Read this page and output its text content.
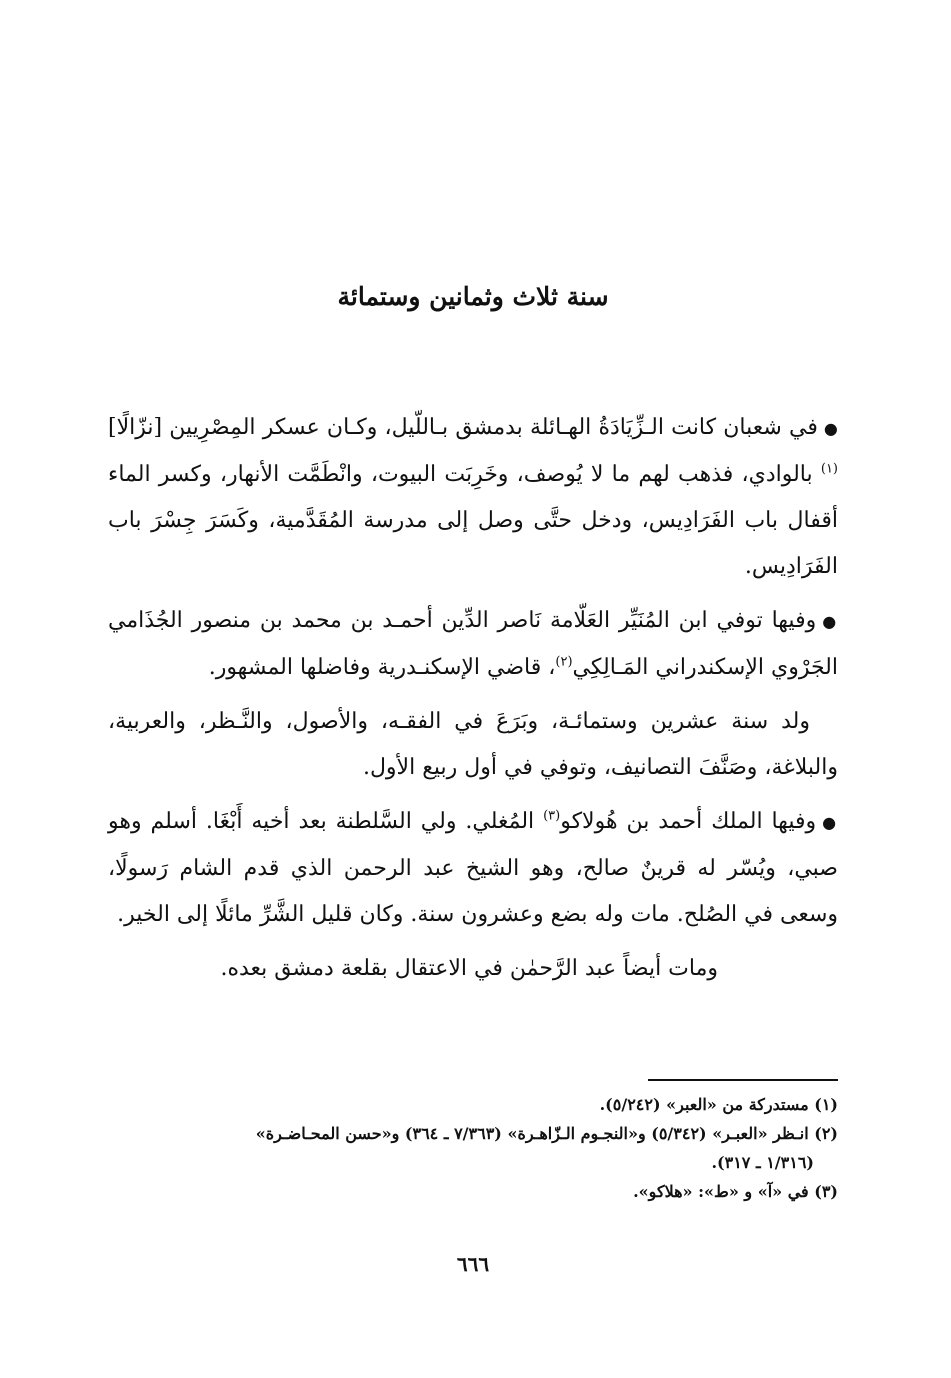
سنة ثلاث وثمانين وستمائة

●في شعبان كانت الـزِّيَادَةُ الهـائلة بدمشق بـاللّيل، وكـان عسكر المِصْرِيين [نزّالًا]$^{(١)}$ بالوادي، فذهب لهم ما لا يُوصف، وخَرِبَت البيوت، وانْطَمَّت الأنهار، وكسر الماء أقفال باب الفَرَادِيس، ودخل حتَّى وصل إلى مدرسة المُقَدَّمية، وكَسَرَ جِسْرَ باب الفَرَادِيس.

●وفيها توفي ابن المُنَيِّر العَلّامة نَاصر الدِّين أحمـد بن محمد بن منصور الجُذَامي الجَرْوي الإسكندراني المَـالِكِي$^{(٢)}$، قاضي الإسكنـدرية وفاضلها المشهور.

ولد سنة عشرين وستمائـة، وبَرَعَ في الفقـه، والأصول، والنَّـظر، والعربية، والبلاغة، وصَنَّفَ التصانيف، وتوفي في أول ربيع الأول.

●وفيها الملك أحمد بن هُولاكو$^{(٣)}$ المُغلي. ولي السَّلطنة بعد أخيه أَبْغَا. أسلم وهو صبي، ويُسّر له قرينٌ صالح، وهو الشيخ عبد الرحمن الذي قدم الشام رَسولًا، وسعى في الصُلح. مات وله بضع وعشرون سنة. وكان قليل الشَّرِّ مائلًا إلى الخير.

ومات أيضاً عبد الرَّحمٰن في الاعتقال بقلعة دمشق بعده.

(١) مستدركة من «العبر» (٥/٢٤٢).

(٢) انـظر «العبـر» (٥/٣٤٢) و«النجـوم الـزّاهـرة» (٧/٣٦٣ ـ ٣٦٤) و«حسن المحـاضـرة»

(١/٣١٦ ـ ٣١٧).

(٣) في «آ» و «ط»: «هلاكو».

٦٦٦
